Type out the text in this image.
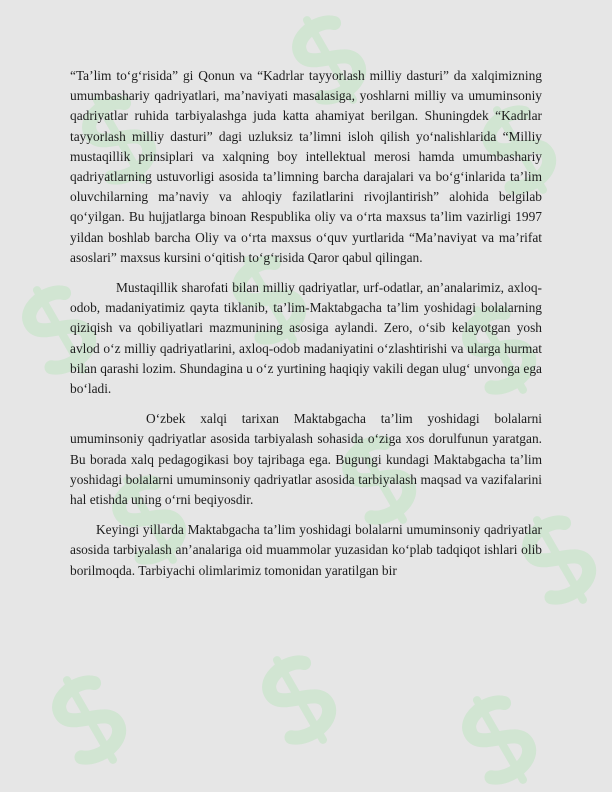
“Ta’lim to‘g‘risida” gi Qonun va “Kadrlar tayyorlash milliy dasturi” da xalqimizning umumbashariy qadriyatlari, ma’naviyati masalasiga, yoshlarni milliy va umuminsoniy qadriyatlar ruhida tarbiyalashga juda katta ahamiyat berilgan. Shuningdek “Kadrlar tayyorlash milliy dasturi” dagi uzluksiz ta’limni isloh qilish yo‘nalishlarida “Milliy mustaqillik prinsiplari va xalqning boy intellektual merosi hamda umumbashariy qadriyatlarning ustuvorligi asosida ta’limning barcha darajalari va bo‘g‘inlarida ta’lim oluvchilarning ma’naviy va ahloqiy fazilatlarini rivojlantirish” alohida belgilab qo‘yilgan. Bu hujjatlarga binoan Respublika oliy va o‘rta maxsus ta’lim vazirligi 1997 yildan boshlab barcha Oliy va o‘rta maxsus o‘quv yurtlarida “Ma’naviyat va ma’rifat asoslari” maxsus kursini o‘qitish to‘g‘risida Qaror qabul qilingan.

Mustaqillik sharofati bilan milliy qadriyatlar, urf-odatlar, an’analarimiz, axloq-odob, madaniyatimiz qayta tiklanib, ta’lim-Maktabgacha ta’lim yoshidagi bolalarning qiziqish va qobiliyatlari mazmunining asosiga aylandi. Zero, o‘sib kelayotgan yosh avlod o‘z milliy qadriyatlarini, axloq-odob madaniyatini o‘zlashtirishi va ularga hurmat bilan qarashi lozim. Shundagina u o‘z yurtining haqiqiy vakili degan ulug‘ unvonga ega bo‘ladi.

O‘zbek xalqi tarixan Maktabgacha ta’lim yoshidagi bolalarni umuminsoniy qadriyatlar asosida tarbiyalash sohasida o‘ziga xos dorulfunun yaratgan. Bu borada xalq pedagogikasi boy tajribaga ega. Bugungi kundagi Maktabgacha ta’lim yoshidagi bolalarni umuminsoniy qadriyatlar asosida tarbiyalash maqsad va vazifalarini hal etishda uning o‘rni beqiyosdir.

Keyingi yillarda Maktabgacha ta’lim yoshidagi bolalarni umuminsoniy qadriyatlar asosida tarbiyalash an’analariga oid muammolar yuzasidan ko‘plab tadqiqot ishlari olib borilmoqda. Tarbiyachi olimlarimiz tomonidan yaratilgan bir
